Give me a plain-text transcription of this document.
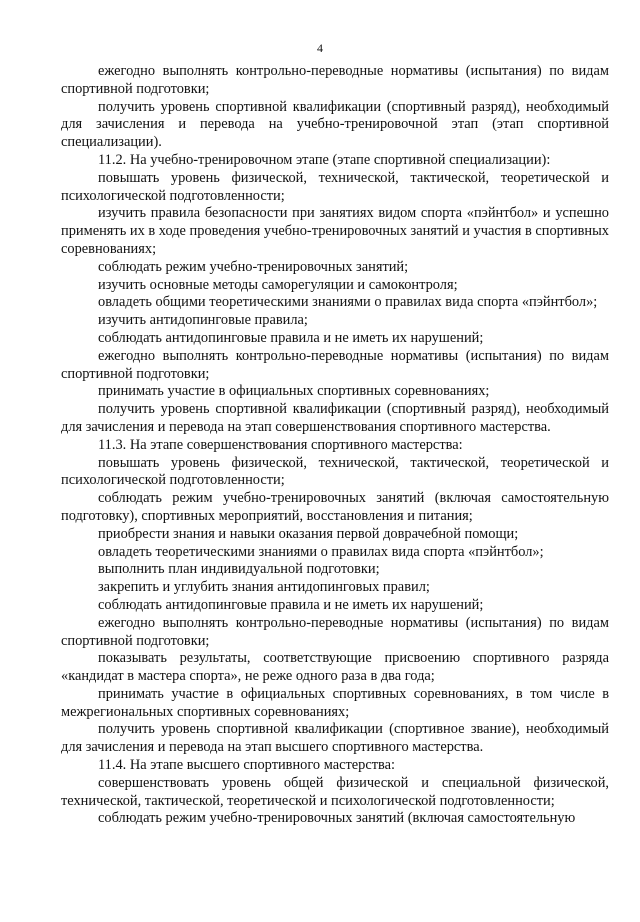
4

ежегодно выполнять контрольно-переводные нормативы (испытания) по видам спортивной подготовки;

получить уровень спортивной квалификации (спортивный разряд), необходимый для зачисления и перевода на учебно-тренировочной этап (этап спортивной специализации).

11.2. На учебно-тренировочном этапе (этапе спортивной специализации):

повышать уровень физической, технической, тактической, теоретической и психологической подготовленности;

изучить правила безопасности при занятиях видом спорта «пэйнтбол» и успешно применять их в ходе проведения учебно-тренировочных занятий и участия в спортивных соревнованиях;

соблюдать режим учебно-тренировочных занятий;

изучить основные методы саморегуляции и самоконтроля;

овладеть общими теоретическими знаниями о правилах вида спорта «пэйнтбол»;

изучить антидопинговые правила;

соблюдать антидопинговые правила и не иметь их нарушений;

ежегодно выполнять контрольно-переводные нормативы (испытания) по видам спортивной подготовки;

принимать участие в официальных спортивных соревнованиях;

получить уровень спортивной квалификации (спортивный разряд), необходимый для зачисления и перевода на этап совершенствования спортивного мастерства.

11.3. На этапе совершенствования спортивного мастерства:

повышать уровень физической, технической, тактической, теоретической и психологической подготовленности;

соблюдать режим учебно-тренировочных занятий (включая самостоятельную подготовку), спортивных мероприятий, восстановления и питания;

приобрести знания и навыки оказания первой доврачебной помощи;

овладеть теоретическими знаниями о правилах вида спорта «пэйнтбол»;

выполнить план индивидуальной подготовки;

закрепить и углубить знания антидопинговых правил;

соблюдать антидопинговые правила и не иметь их нарушений;

ежегодно выполнять контрольно-переводные нормативы (испытания) по видам спортивной подготовки;

показывать результаты, соответствующие присвоению спортивного разряда «кандидат в мастера спорта», не реже одного раза в два года;

принимать участие в официальных спортивных соревнованиях, в том числе в межрегиональных спортивных соревнованиях;

получить уровень спортивной квалификации (спортивное звание), необходимый для зачисления и перевода на этап высшего спортивного мастерства.

11.4. На этапе высшего спортивного мастерства:

совершенствовать уровень общей физической и специальной физической, технической, тактической, теоретической и психологической подготовленности;

соблюдать режим учебно-тренировочных занятий (включая самостоятельную
